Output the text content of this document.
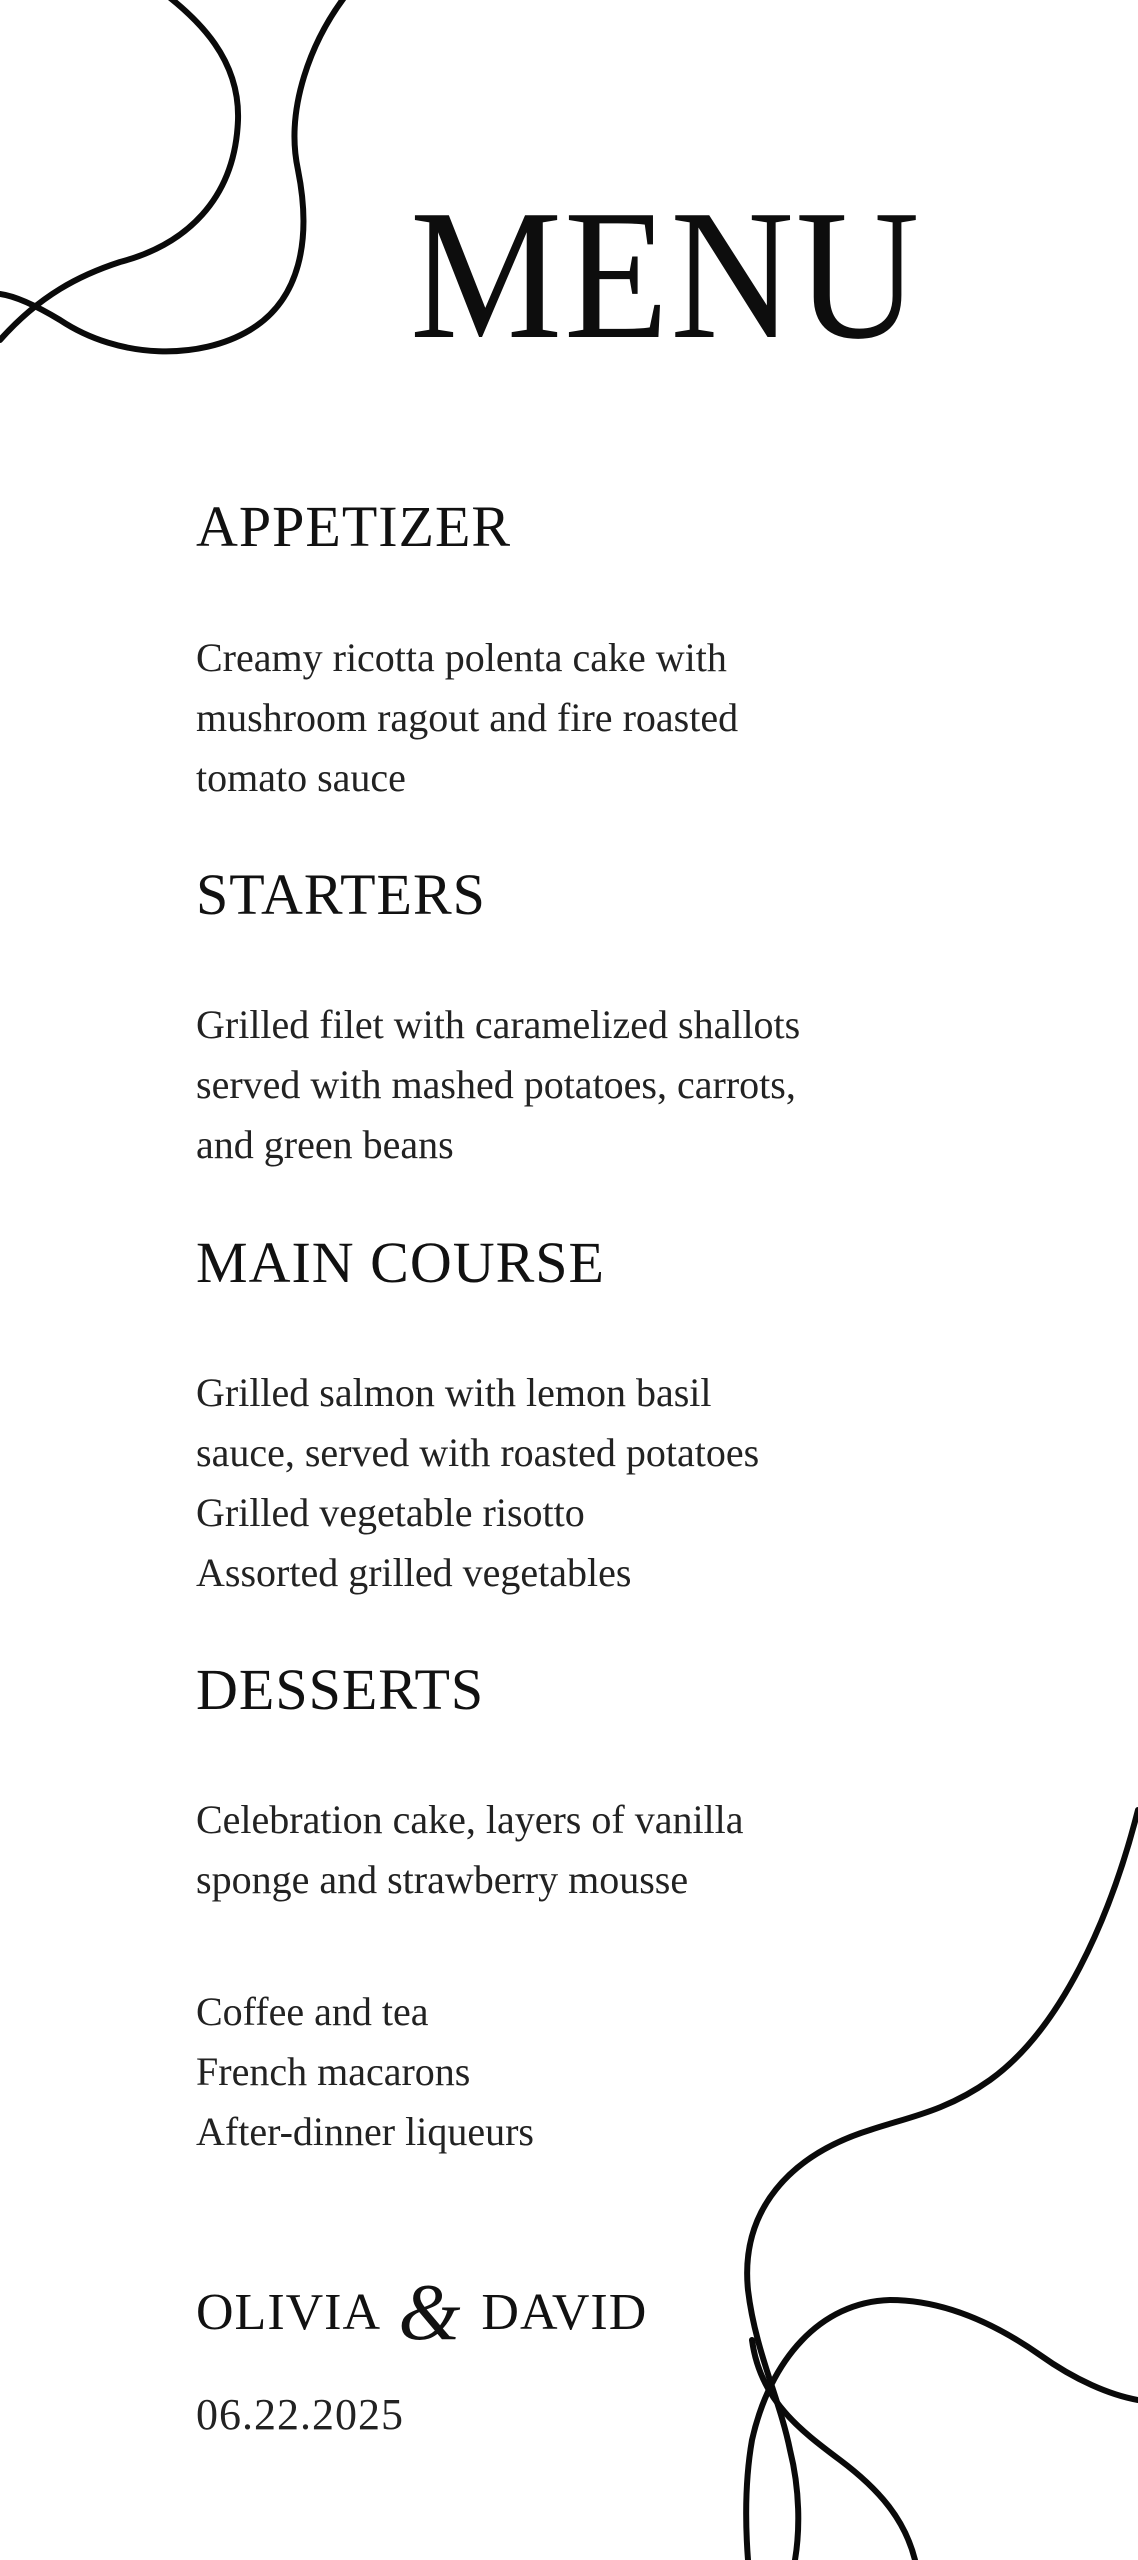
MENU
APPETIZER

Creamy ricotta polenta cake with
mushroom ragout and fire roasted
tomato sauce

STARTERS

Grilled filet with caramelized shallots
served with mashed potatoes, carrots,
and green beans

MAIN COURSE

Grilled salmon with lemon basil
sauce, served with roasted potatoes
Grilled vegetable risotto
Assorted grilled vegetables

DESSERTS

Celebration cake, layers of vanilla
sponge and strawberry mousse

Coffee and tea
French macarons
After-dinner liqueurs

OLIVIA & DAVID
06.22.2025
